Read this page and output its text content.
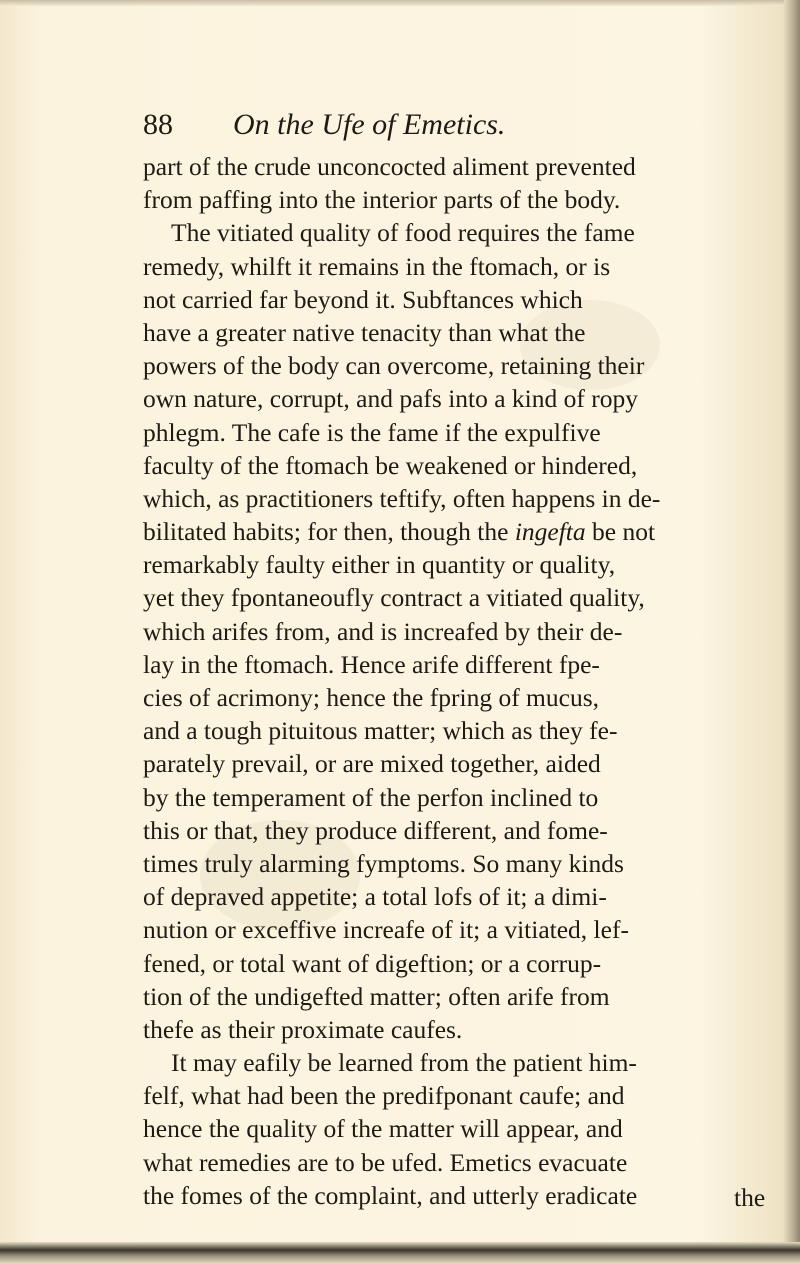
88 On the Ufe of Emetics.
part of the crude unconcocted aliment prevented
from paffing into the interior parts of the body.
The vitiated quality of food requires the fame
remedy, whilft it remains in the ftomach, or is
not carried far beyond it. Subftances which
have a greater native tenacity than what the
powers of the body can overcome, retaining their
own nature, corrupt, and pafs into a kind of ropy
phlegm. The cafe is the fame if the expulfive
faculty of the ftomach be weakened or hindered,
which, as practitioners teftify, often happens in de-
bilitated habits; for then, though the ingefta be not
remarkably faulty either in quantity or quality,
yet they fpontaneoufly contract a vitiated quality,
which arifes from, and is increafed by their de-
lay in the ftomach. Hence arife different fpe-
cies of acrimony; hence the fpring of mucus,
and a tough pituitous matter; which as they fe-
parately prevail, or are mixed together, aided
by the temperament of the perfon inclined to
this or that, they produce different, and fome-
times truly alarming fymptoms. So many kinds
of depraved appetite; a total lofs of it; a dimi-
nution or exceffive increafe of it; a vitiated, lef-
fened, or total want of digeftion; or a corrup-
tion of the undigefted matter; often arife from
thefe as their proximate caufes.
It may eafily be learned from the patient him-
felf, what had been the predifponant caufe; and
hence the quality of the matter will appear, and
what remedies are to be ufed. Emetics evacuate
the fomes of the complaint, and utterly eradicate	the
